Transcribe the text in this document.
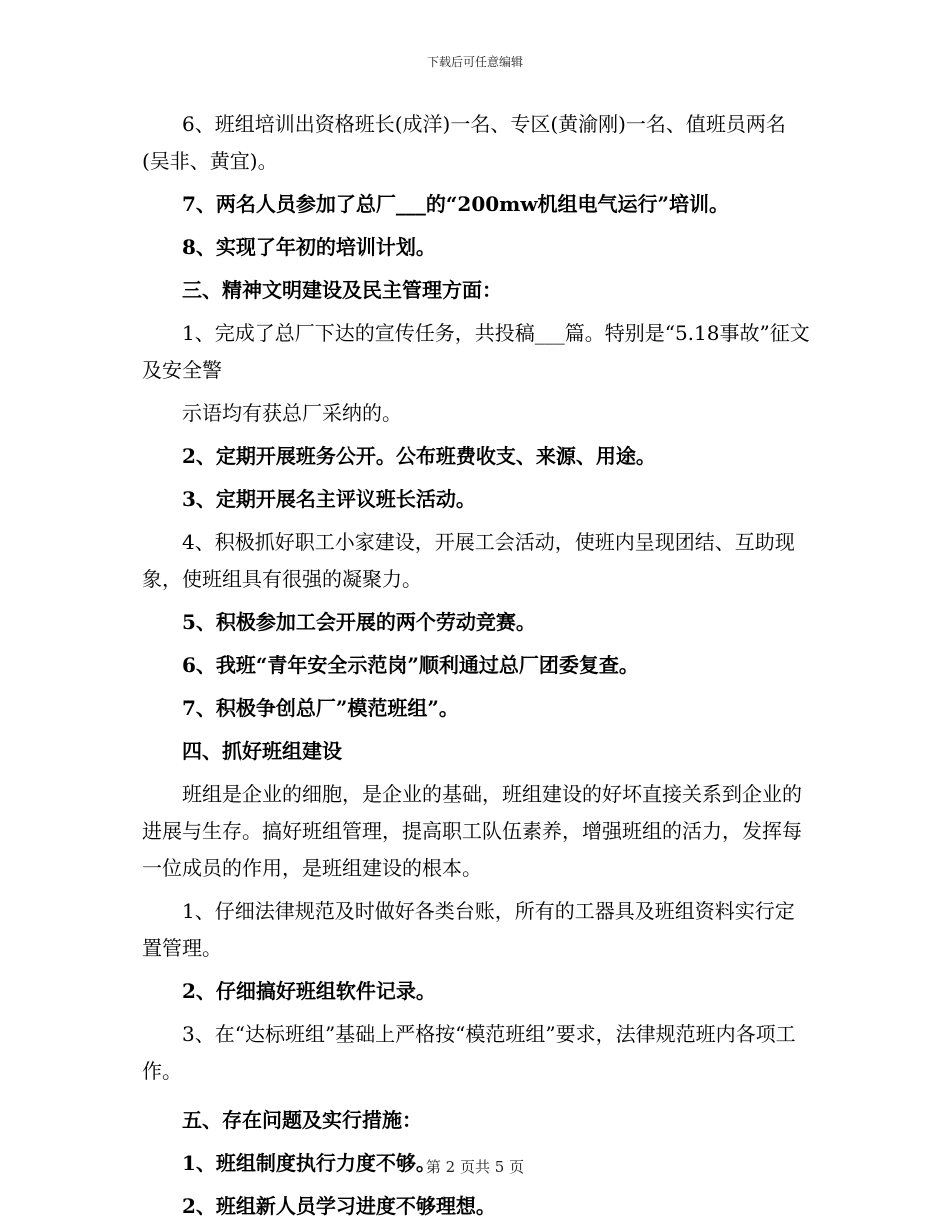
下载后可任意编辑

6、班组培训出资格班长(成洋)一名、专区(黄渝刚)一名、值班员两名(吴非、黄宜)。

7、两名人员参加了总厂___的“200mw机组电气运行”培训。

8、实现了年初的培训计划。

三、精神文明建设及民主管理方面：

1、完成了总厂下达的宣传任务，共投稿___篇。特别是“5.18事故”征文及安全警

示语均有获总厂采纳的。

2、定期开展班务公开。公布班费收支、来源、用途。

3、定期开展名主评议班长活动。

4、积极抓好职工小家建设，开展工会活动，使班内呈现团结、互助现象，使班组具有很强的凝聚力。

5、积极参加工会开展的两个劳动竞赛。

6、我班“青年安全示范岗”顺利通过总厂团委复查。

7、积极争创总厂”模范班组”。

四、抓好班组建设

班组是企业的细胞，是企业的基础，班组建设的好坏直接关系到企业的进展与生存。搞好班组管理，提高职工队伍素养，增强班组的活力，发挥每一位成员的作用，是班组建设的根本。

1、仔细法律规范及时做好各类台账，所有的工器具及班组资料实行定置管理。

2、仔细搞好班组软件记录。

3、在“达标班组”基础上严格按“模范班组”要求，法律规范班内各项工作。

五、存在问题及实行措施：

1、班组制度执行力度不够。

2、班组新人员学习进度不够理想。

第 2 页共 5 页
